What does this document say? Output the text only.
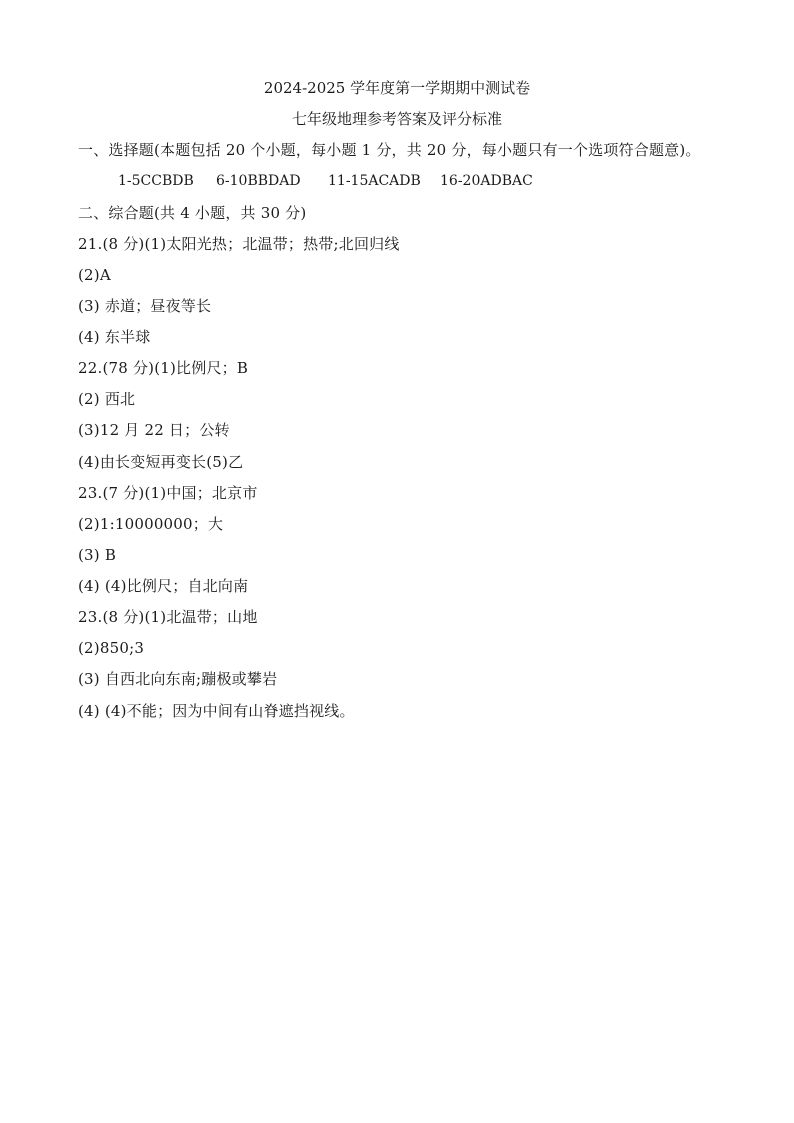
2024-2025 学年度第一学期期中测试卷
七年级地理参考答案及评分标准
一、选择题(本题包括 20 个小题，每小题 1 分，共 20 分，每小题只有一个选项符合题意)。
1-5CCBDB 6-10BBDAD 11-15ACADB 16-20ADBAC
二、综合题(共 4 小题，共 30 分)
21.(8 分)(1)太阳光热；北温带；热带;北回归线
(2)A
(3) 赤道；昼夜等长
(4) 东半球
22.(78 分)(1)比例尺；B
(2) 西北
(3)12 月 22 日；公转
(4)由长变短再变长(5)乙
23.(7 分)(1)中国；北京市
(2)1:10000000；大
(3) B
(4) (4)比例尺；自北向南
23.(8 分)(1)北温带；山地
(2)850;3
(3) 自西北向东南;蹦极或攀岩
(4) (4)不能；因为中间有山脊遮挡视线。
